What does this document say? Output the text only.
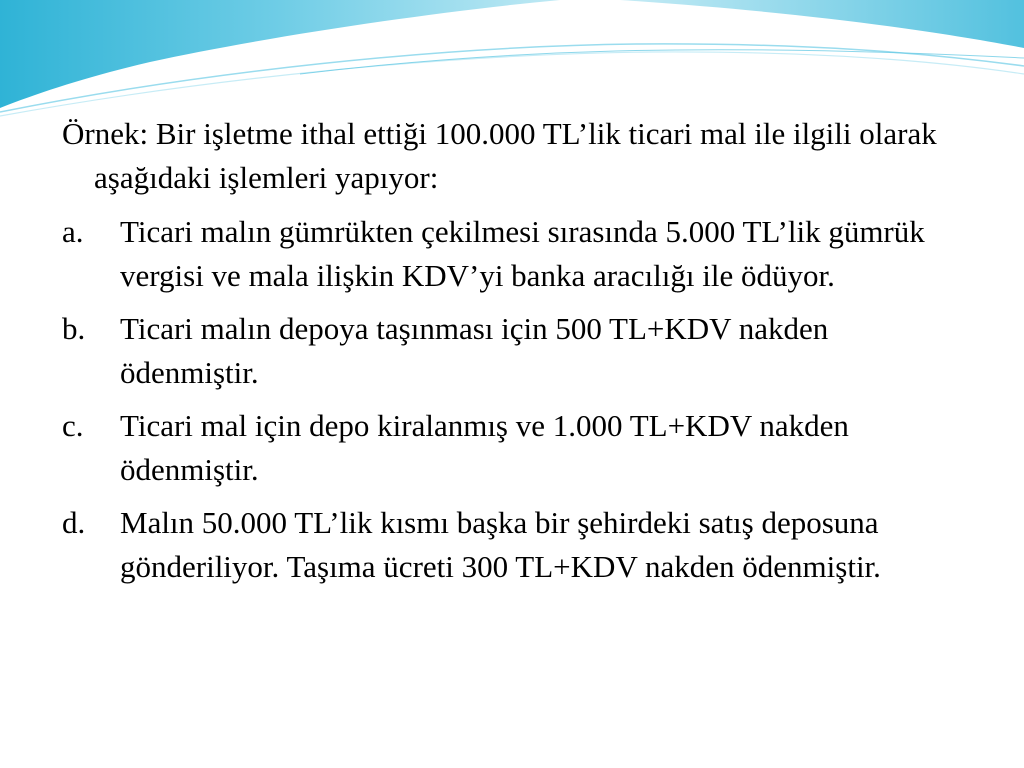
Örnek: Bir işletme ithal ettiği 100.000 TL’lik ticari mal ile ilgili olarak aşağıdaki işlemleri yapıyor:

a.	Ticari malın gümrükten çekilmesi sırasında 5.000 TL’lik gümrük vergisi ve mala ilişkin KDV’yi banka aracılığı ile ödüyor.
b.	Ticari malın depoya taşınması için 500 TL+KDV nakden ödenmiştir.
c.	Ticari mal için depo kiralanmış ve 1.000 TL+KDV nakden ödenmiştir.
d.	Malın 50.000 TL’lik kısmı başka bir şehirdeki satış deposuna gönderiliyor. Taşıma ücreti 300 TL+KDV nakden ödenmiştir.
